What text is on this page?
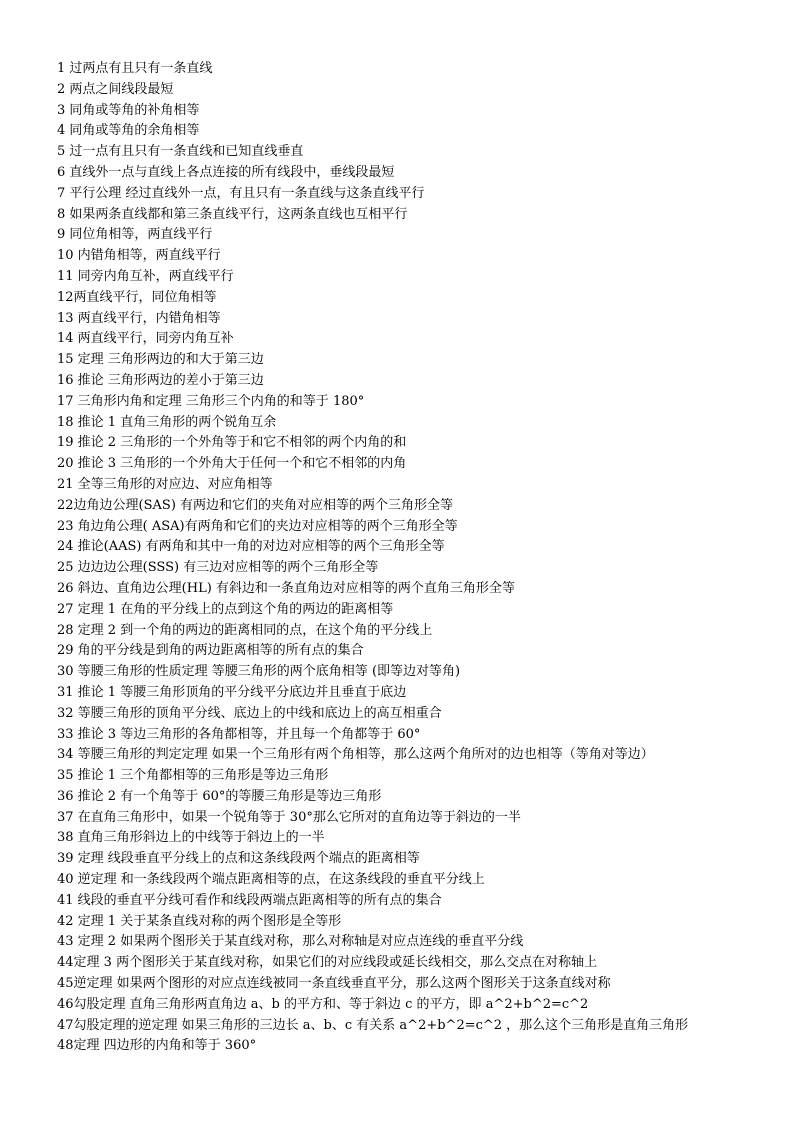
1 过两点有且只有一条直线
2 两点之间线段最短
3 同角或等角的补角相等
4 同角或等角的余角相等
5 过一点有且只有一条直线和已知直线垂直
6 直线外一点与直线上各点连接的所有线段中，垂线段最短
7 平行公理 经过直线外一点，有且只有一条直线与这条直线平行
8 如果两条直线都和第三条直线平行，这两条直线也互相平行
9 同位角相等，两直线平行
10 内错角相等，两直线平行
11 同旁内角互补，两直线平行
12两直线平行，同位角相等
13 两直线平行，内错角相等
14 两直线平行，同旁内角互补
15 定理 三角形两边的和大于第三边
16 推论 三角形两边的差小于第三边
17 三角形内角和定理 三角形三个内角的和等于 180°
18 推论 1 直角三角形的两个锐角互余
19 推论 2 三角形的一个外角等于和它不相邻的两个内角的和
20 推论 3 三角形的一个外角大于任何一个和它不相邻的内角
21 全等三角形的对应边、对应角相等
22边角边公理(SAS) 有两边和它们的夹角对应相等的两个三角形全等
23 角边角公理( ASA)有两角和它们的夹边对应相等的两个三角形全等
24 推论(AAS) 有两角和其中一角的对边对应相等的两个三角形全等
25 边边边公理(SSS) 有三边对应相等的两个三角形全等
26 斜边、直角边公理(HL) 有斜边和一条直角边对应相等的两个直角三角形全等
27 定理 1 在角的平分线上的点到这个角的两边的距离相等
28 定理 2 到一个角的两边的距离相同的点，在这个角的平分线上
29 角的平分线是到角的两边距离相等的所有点的集合
30 等腰三角形的性质定理 等腰三角形的两个底角相等 (即等边对等角)
31 推论 1 等腰三角形顶角的平分线平分底边并且垂直于底边
32 等腰三角形的顶角平分线、底边上的中线和底边上的高互相重合
33 推论 3 等边三角形的各角都相等，并且每一个角都等于 60°
34 等腰三角形的判定定理 如果一个三角形有两个角相等，那么这两个角所对的边也相等（等角对等边）
35 推论 1 三个角都相等的三角形是等边三角形
36 推论 2 有一个角等于 60°的等腰三角形是等边三角形
37 在直角三角形中，如果一个锐角等于 30°那么它所对的直角边等于斜边的一半
38 直角三角形斜边上的中线等于斜边上的一半
39 定理 线段垂直平分线上的点和这条线段两个端点的距离相等
40 逆定理 和一条线段两个端点距离相等的点，在这条线段的垂直平分线上
41 线段的垂直平分线可看作和线段两端点距离相等的所有点的集合
42 定理 1 关于某条直线对称的两个图形是全等形
43 定理 2 如果两个图形关于某直线对称，那么对称轴是对应点连线的垂直平分线
44定理 3 两个图形关于某直线对称，如果它们的对应线段或延长线相交，那么交点在对称轴上
45逆定理 如果两个图形的对应点连线被同一条直线垂直平分，那么这两个图形关于这条直线对称
46勾股定理 直角三角形两直角边 a、b 的平方和、等于斜边 c 的平方，即 a^2+b^2=c^2
47勾股定理的逆定理 如果三角形的三边长 a、b、c 有关系 a^2+b^2=c^2 ，那么这个三角形是直角三角形
48定理 四边形的内角和等于 360°
